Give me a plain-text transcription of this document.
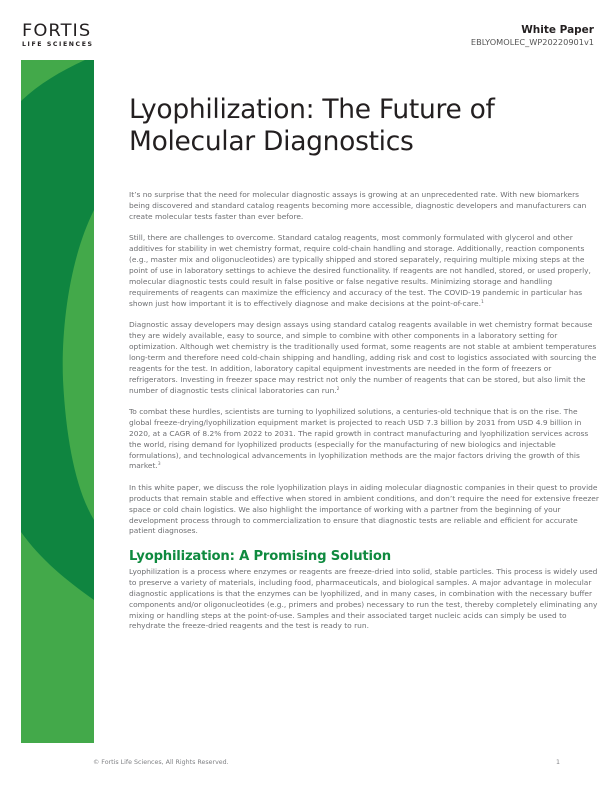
FORTIS
LIFE SCIENCES
White Paper
EBLYOMOLEC_WP20220901v1
Lyophilization: The Future of
Molecular Diagnostics

It’s no surprise that the need for molecular diagnostic assays is growing at an unprecedented rate. With new biomarkers being discovered and standard catalog reagents becoming more accessible, diagnostic developers and manufacturers can create molecular tests faster than ever before.

Still, there are challenges to overcome. Standard catalog reagents, most commonly formulated with glycerol and other additives for stability in wet chemistry format, require cold-chain handling and storage. Additionally, reaction components (e.g., master mix and oligonucleotides) are typically shipped and stored separately, requiring multiple mixing steps at the point of use in laboratory settings to achieve the desired functionality. If reagents are not handled, stored, or used properly, molecular diagnostic tests could result in false positive or false negative results. Minimizing storage and handling requirements of reagents can maximize the efficiency and accuracy of the test. The COVID-19 pandemic in particular has shown just how important it is to effectively diagnose and make decisions at the point-of-care.$^1$

Diagnostic assay developers may design assays using standard catalog reagents available in wet chemistry format because they are widely available, easy to source, and simple to combine with other components in a laboratory setting for optimization. Although wet chemistry is the traditionally used format, some reagents are not stable at ambient temperatures long-term and therefore need cold-chain shipping and handling, adding risk and cost to logistics associated with sourcing the reagents for the test. In addition, laboratory capital equipment investments are needed in the form of freezers or refrigerators. Investing in freezer space may restrict not only the number of reagents that can be stored, but also limit the number of diagnostic tests clinical laboratories can run.$^2$

To combat these hurdles, scientists are turning to lyophilized solutions, a centuries-old technique that is on the rise. The global freeze-drying/lyophilization equipment market is projected to reach USD 7.3 billion by 2031 from USD 4.9 billion in 2020, at a CAGR of 8.2% from 2022 to 2031. The rapid growth in contract manufacturing and lyophilization services across the world, rising demand for lyophilized products (especially for the manufacturing of new biologics and injectable formulations), and technological advancements in lyophilization methods are the major factors driving the growth of this market.$^3$

In this white paper, we discuss the role lyophilization plays in aiding molecular diagnostic companies in their quest to provide products that remain stable and effective when stored in ambient conditions, and don’t require the need for extensive freezer space or cold chain logistics. We also highlight the importance of working with a partner from the beginning of your development process through to commercialization to ensure that diagnostic tests are reliable and efficient for accurate patient diagnoses.

Lyophilization: A Promising Solution

Lyophilization is a process where enzymes or reagents are freeze-dried into solid, stable particles. This process is widely used to preserve a variety of materials, including food, pharmaceuticals, and biological samples. A major advantage in molecular diagnostic applications is that the enzymes can be lyophilized, and in many cases, in combination with the necessary buffer components and/or oligonucleotides (e.g., primers and probes) necessary to run the test, thereby completely eliminating any mixing or handling steps at the point-of-use. Samples and their associated target nucleic acids can simply be used to rehydrate the freeze-dried reagents and the test is ready to run.

© Fortis Life Sciences, All Rights Reserved.	1
